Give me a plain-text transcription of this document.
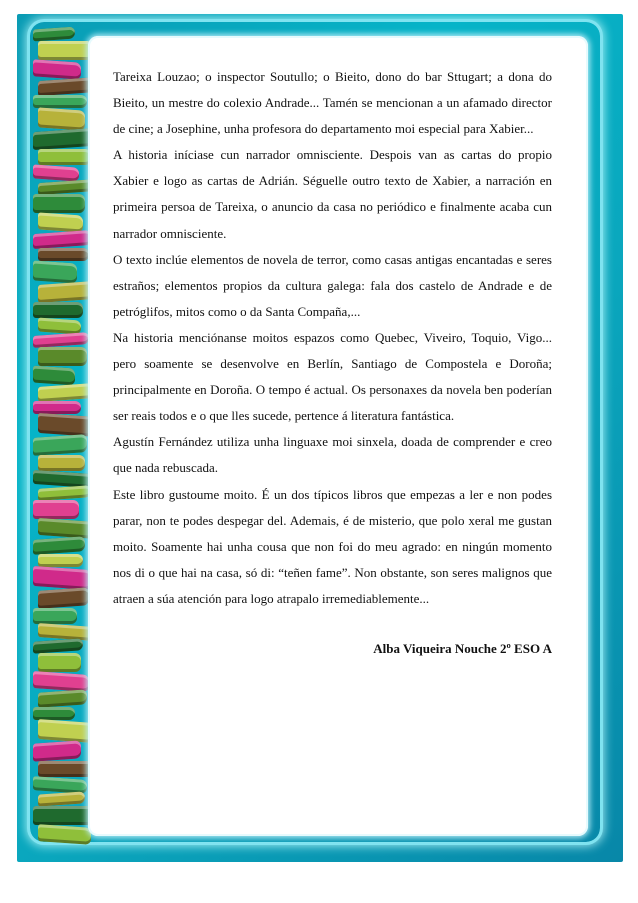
Tareixa Louzao; o inspector Soutullo; o Bieito, dono do bar Sttugart; a dona do Bieito, un mestre do colexio Andrade... Tamén se mencionan a un afamado director de cine; a Josephine, unha profesora do departamento moi especial para Xabier...

A historia iníciase cun narrador omnisciente. Despois van as cartas do propio Xabier e logo as cartas de Adrián. Séguelle outro texto de Xabier, a narración en primeira persoa de Tareixa, o anuncio da casa no periódico e finalmente acaba cun narrador omnisciente.

O texto inclúe elementos de novela de terror, como casas antigas encantadas e seres estraños; elementos propios da cultura galega: fala dos castelo de Andrade e de petróglifos, mitos como o da Santa Compaña,...

Na historia menciónanse moitos espazos como Quebec, Viveiro, Toquio, Vigo... pero soamente se desenvolve en Berlín, Santiago de Compostela e Doroña; principalmente en Doroña. O tempo é actual. Os personaxes da novela ben poderían ser reais todos e o que lles sucede, pertence á literatura fantástica.

Agustín Fernández utiliza unha linguaxe moi sinxela, doada de comprender e creo que nada rebuscada.

Este libro gustoume moito. É un dos típicos libros que empezas a ler e non podes parar, non te podes despegar del. Ademais, é de misterio, que polo xeral me gustan moito. Soamente hai unha cousa que non foi do meu agrado: en ningún momento nos di o que hai na casa, só di: “teñen fame”. Non obstante, son seres malignos que atraen a súa atención para logo atrapalo irremediablemente...

Alba Viqueira Nouche 2º ESO A
